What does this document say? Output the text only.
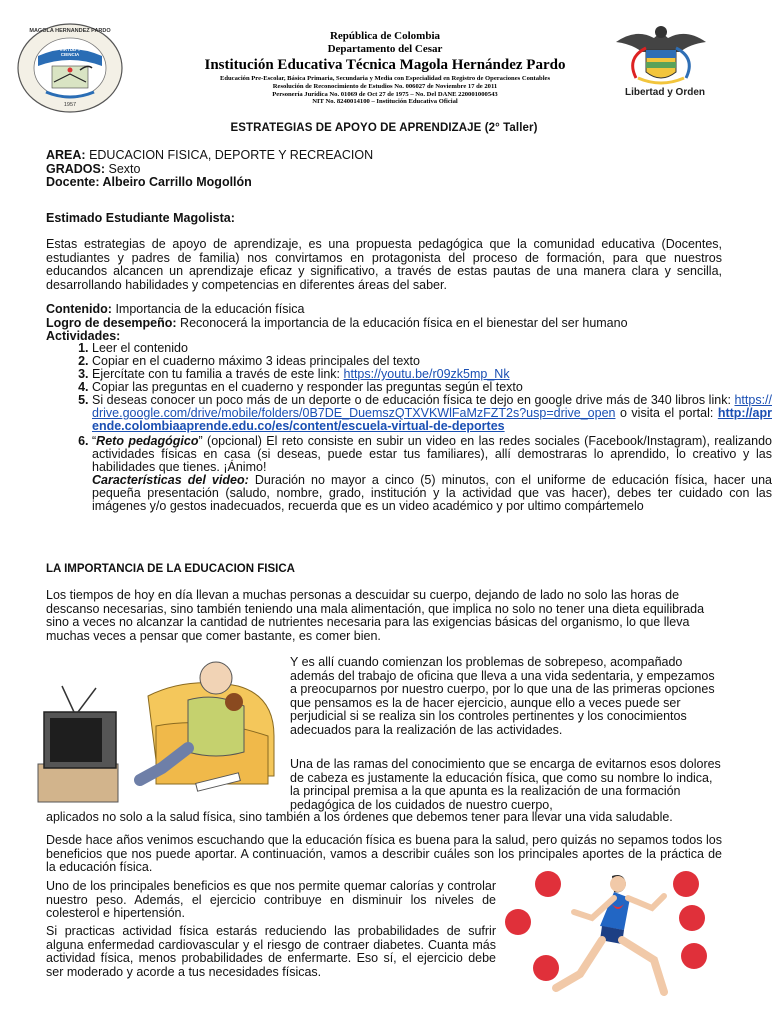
MAGOLA HERNANDEZ PARDO
VIRTUD Y CIENCIA
1957
República de Colombia
Departamento del Cesar
Institución Educativa Técnica Magola Hernández Pardo
Educación Pre-Escolar, Básica Primaria, Secundaria y Media con Especialidad en Registro de Operaciones Contables
Resolución de Reconocimiento de Estudios No. 006027 de Noviembre 17 de 2011
Personería Jurídica No. 01069 de Oct 27 de 1975 – No. Del DANE 220001000543
NIT No. 8240014100 – Institución Educativa Oficial
Libertad y Orden
ESTRATEGIAS DE APOYO DE APRENDIZAJE (2° Taller)
AREA: EDUCACION FISICA, DEPORTE Y RECREACION
GRADOS: Sexto
Docente: Albeiro Carrillo Mogollón
Estimado Estudiante Magolista:
Estas estrategias de apoyo de aprendizaje, es una propuesta pedagógica que la comunidad educativa (Docentes, estudiantes y padres de familia) nos convirtamos en protagonista del proceso de formación, para que nuestros educandos alcancen un aprendizaje eficaz y significativo, a través de estas pautas de una manera clara y sencilla, desarrollando habilidades y competencias en diferentes áreas del saber.
Contenido: Importancia de la educación física
Logro de desempeño: Reconocerá la importancia de la educación física en el bienestar del ser humano
Actividades:
1. Leer el contenido
2. Copiar en el cuaderno máximo 3 ideas principales del texto
3. Ejercítate con tu familia a través de este link: https://youtu.be/r09zk5mp_Nk
4. Copiar las preguntas en el cuaderno y responder las preguntas según el texto
5. Si deseas conocer un poco más de un deporte o de educación física te dejo en google drive más de 340 libros link: https://drive.google.com/drive/mobile/folders/0B7DE_DuemszQTXVKWlFaMzFZT2s?usp=drive_open o visita el portal: http://aprende.colombiaaprende.edu.co/es/content/escuela-virtual-de-deportes
6. “Reto pedagógico” (opcional) El reto consiste en subir un video en las redes sociales (Facebook/Instagram), realizando actividades físicas en casa (si deseas, puede estar tus familiares), allí demostraras lo aprendido, lo creativo y las habilidades que tienes. ¡Ánimo!
Características del video: Duración no mayor a cinco (5) minutos, con el uniforme de educación física, hacer una pequeña presentación (saludo, nombre, grado, institución y la actividad que vas hacer), debes ter cuidado con las imágenes y/o gestos inadecuados, recuerda que es un video académico y por ultimo compártemelo
LA IMPORTANCIA DE LA EDUCACION FISICA
Los tiempos de hoy en día llevan a muchas personas a descuidar su cuerpo, dejando de lado no solo las horas de descanso necesarias, sino también teniendo una mala alimentación, que implica no solo no tener una dieta equilibrada sino a veces no alcanzar la cantidad de nutrientes necesaria para las exigencias básicas del organismo, lo que lleva muchas veces a pensar que comer bastante, es comer bien.
Y es allí cuando comienzan los problemas de sobrepeso, acompañado además del trabajo de oficina que lleva a una vida sedentaria, y empezamos a preocuparnos por nuestro cuerpo, por lo que una de las primeras opciones que pensamos es la de hacer ejercicio, aunque ello a veces puede ser perjudicial si se realiza sin los controles pertinentes y los conocimientos adecuados para la realización de las actividades.
Una de las ramas del conocimiento que se encarga de evitarnos esos dolores de cabeza es justamente la educación física, que como su nombre lo indica, la principal premisa a la que apunta es la realización de una formación pedagógica de los cuidados de nuestro cuerpo,
aplicados no solo a la salud física, sino también a los órdenes que debemos tener para llevar una vida saludable.
Desde hace años venimos escuchando que la educación física es buena para la salud, pero quizás no sepamos todos los beneficios que nos puede aportar. A continuación, vamos a describir cuáles son los principales aportes de la práctica de la educación física.
Uno de los principales beneficios es que nos permite quemar calorías y controlar nuestro peso. Además, el ejercicio contribuye en disminuir los niveles de colesterol e hipertensión.
Si practicas actividad física estarás reduciendo las probabilidades de sufrir alguna enfermedad cardiovascular y el riesgo de contraer diabetes. Cuanta más actividad física, menos probabilidades de enfermarte. Eso sí, el ejercicio debe ser moderado y acorde a tus necesidades físicas.
